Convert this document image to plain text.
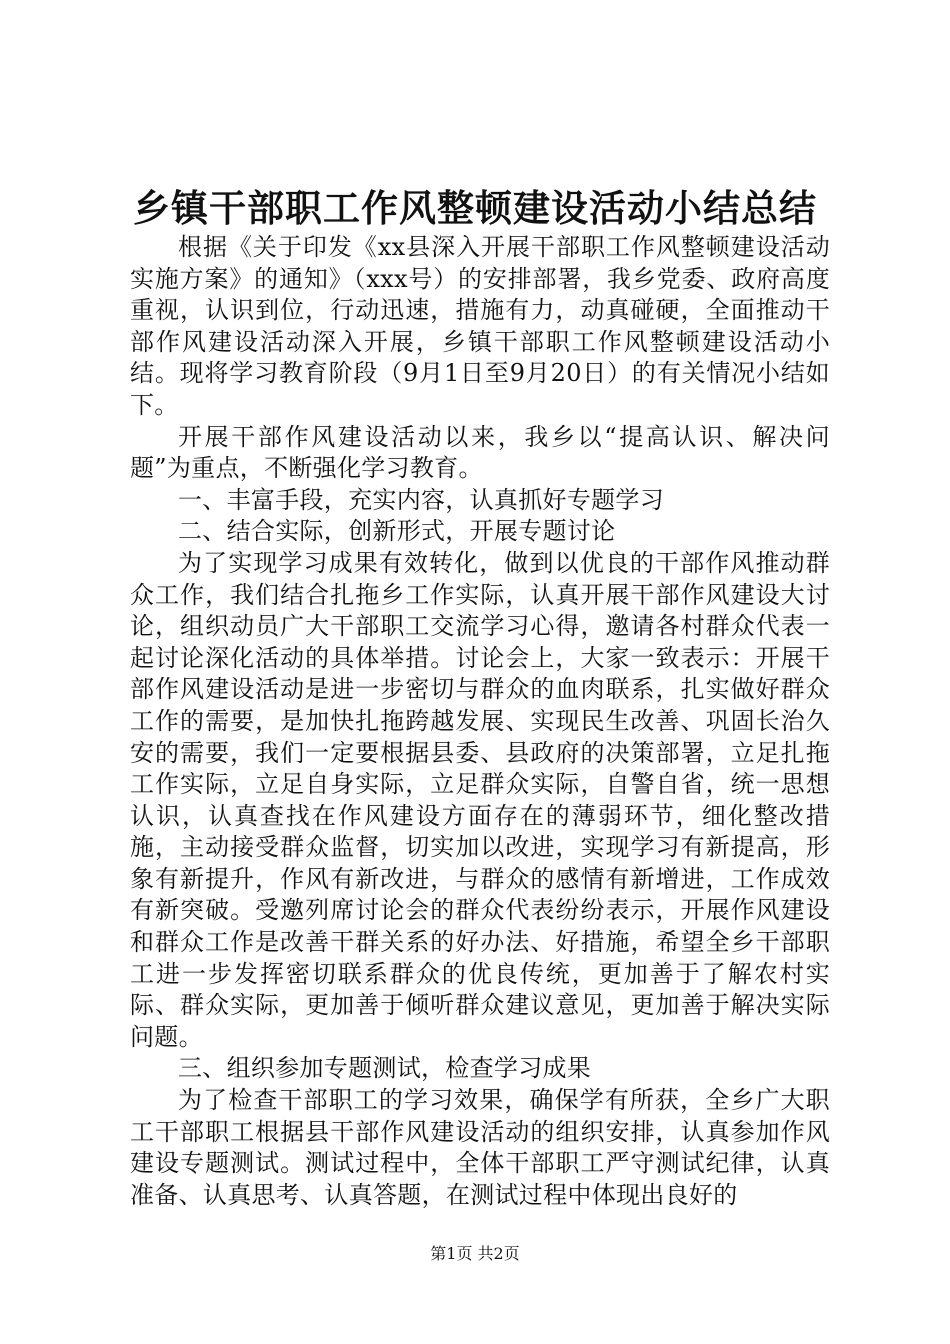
乡镇干部职工作风整顿建设活动小结总结

根据《关于印发《xx县深入开展干部职工作风整顿建设活动实施方案》的通知》（xxx号）的安排部署，我乡党委、政府高度重视，认识到位，行动迅速，措施有力，动真碰硬，全面推动干部作风建设活动深入开展，乡镇干部职工作风整顿建设活动小结。现将学习教育阶段（9月1日至9月20日）的有关情况小结如下。

开展干部作风建设活动以来，我乡以“提高认识、解决问题”为重点，不断强化学习教育。

一、丰富手段，充实内容，认真抓好专题学习

二、结合实际，创新形式，开展专题讨论

为了实现学习成果有效转化，做到以优良的干部作风推动群众工作，我们结合扎拖乡工作实际，认真开展干部作风建设大讨论，组织动员广大干部职工交流学习心得，邀请各村群众代表一起讨论深化活动的具体举措。讨论会上，大家一致表示：开展干部作风建设活动是进一步密切与群众的血肉联系，扎实做好群众工作的需要，是加快扎拖跨越发展、实现民生改善、巩固长治久安的需要，我们一定要根据县委、县政府的决策部署，立足扎拖工作实际，立足自身实际，立足群众实际，自警自省，统一思想认识，认真查找在作风建设方面存在的薄弱环节，细化整改措施，主动接受群众监督，切实加以改进，实现学习有新提高，形象有新提升，作风有新改进，与群众的感情有新增进，工作成效有新突破。受邀列席讨论会的群众代表纷纷表示，开展作风建设和群众工作是改善干群关系的好办法、好措施，希望全乡干部职工进一步发挥密切联系群众的优良传统，更加善于了解农村实际、群众实际，更加善于倾听群众建议意见，更加善于解决实际问题。

三、组织参加专题测试，检查学习成果

为了检查干部职工的学习效果，确保学有所获，全乡广大职工干部职工根据县干部作风建设活动的组织安排，认真参加作风建设专题测试。测试过程中，全体干部职工严守测试纪律，认真准备、认真思考、认真答题，在测试过程中体现出良好的

第1页 共2页
